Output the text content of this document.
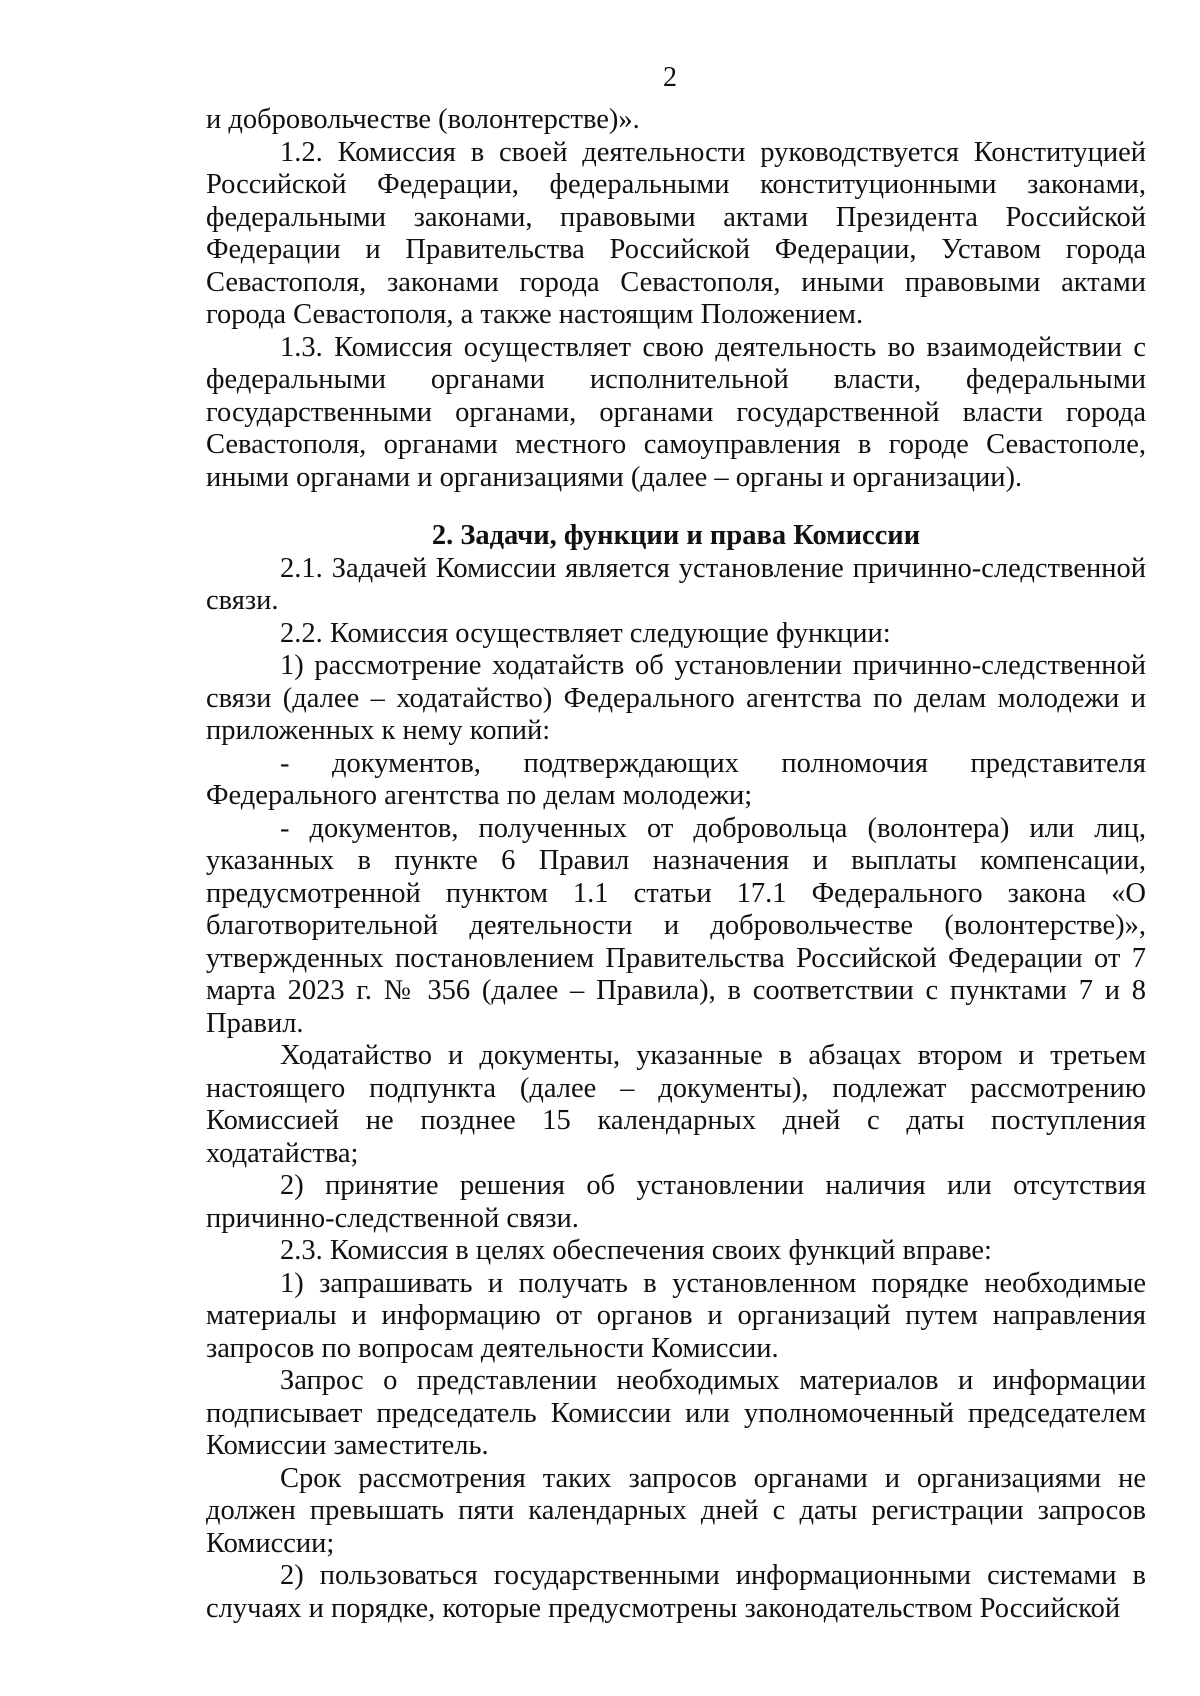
2

и добровольчестве (волонтерстве)».

1.2. Комиссия в своей деятельности руководствуется Конституцией Российской Федерации, федеральными конституционными законами, федеральными законами, правовыми актами Президента Российской Федерации и Правительства Российской Федерации, Уставом города Севастополя, законами города Севастополя, иными правовыми актами города Севастополя, а также настоящим Положением.

1.3. Комиссия осуществляет свою деятельность во взаимодействии с федеральными органами исполнительной власти, федеральными государственными органами, органами государственной власти города Севастополя, органами местного самоуправления в городе Севастополе, иными органами и организациями (далее – органы и организации).

2. Задачи, функции и права Комиссии

2.1. Задачей Комиссии является установление причинно-следственной связи.

2.2. Комиссия осуществляет следующие функции:

1) рассмотрение ходатайств об установлении причинно-следственной связи (далее – ходатайство) Федерального агентства по делам молодежи и приложенных к нему копий:

- документов, подтверждающих полномочия представителя Федерального агентства по делам молодежи;

- документов, полученных от добровольца (волонтера) или лиц, указанных в пункте 6 Правил назначения и выплаты компенсации, предусмотренной пунктом 1.1 статьи 17.1 Федерального закона «О благотворительной деятельности и добровольчестве (волонтерстве)», утвержденных постановлением Правительства Российской Федерации от 7 марта 2023 г. № 356 (далее – Правила), в соответствии с пунктами 7 и 8 Правил.

Ходатайство и документы, указанные в абзацах втором и третьем настоящего подпункта (далее – документы), подлежат рассмотрению Комиссией не позднее 15 календарных дней с даты поступления ходатайства;

2) принятие решения об установлении наличия или отсутствия причинно-следственной связи.

2.3. Комиссия в целях обеспечения своих функций вправе:

1) запрашивать и получать в установленном порядке необходимые материалы и информацию от органов и организаций путем направления запросов по вопросам деятельности Комиссии.

Запрос о представлении необходимых материалов и информации подписывает председатель Комиссии или уполномоченный председателем Комиссии заместитель.

Срок рассмотрения таких запросов органами и организациями не должен превышать пяти календарных дней с даты регистрации запросов Комиссии;

2) пользоваться государственными информационными системами в случаях и порядке, которые предусмотрены законодательством Российской
